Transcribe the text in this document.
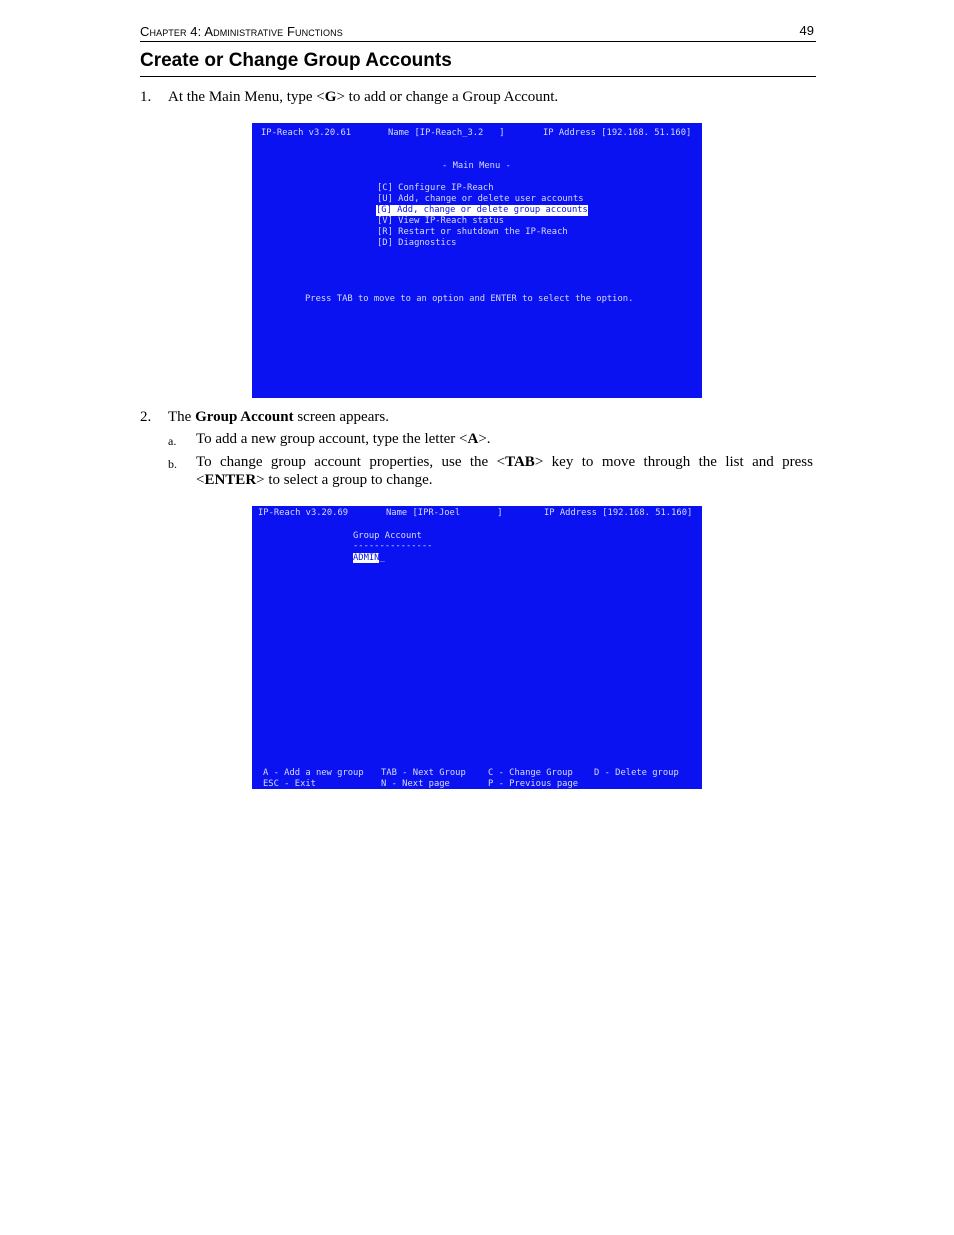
Chapter 4: Administrative Functions	49
Create or Change Group Accounts
1. At the Main Menu, type <G> to add or change a Group Account.

IP-Reach v3.20.61

	Name [IP-Reach_3.2   ]

	IP Address [192.168. 51.160]

- Main Menu -

[C] Configure IP-Reach

[U] Add, change or delete user accounts

[G] Add, change or delete group accounts

[V] View IP-Reach status

[R] Restart or shutdown the IP-Reach

[D] Diagnostics

Press TAB to move to an option and ENTER to select the option.

2. The Group Account screen appears.
a. To add a new group account, type the letter <A>.
b. To change group account properties, use the <TAB> key to move through the list and press <ENTER> to select a group to change.

IP-Reach v3.20.69

	Name [IPR-Joel       ]

	IP Address [192.168. 51.160]

Group Account

---------------

ADMIN_

A - Add a new group

TAB - Next Group

	C - Change Group

D - Delete group

ESC - Exit

	N - Next page

	P - Previous page
